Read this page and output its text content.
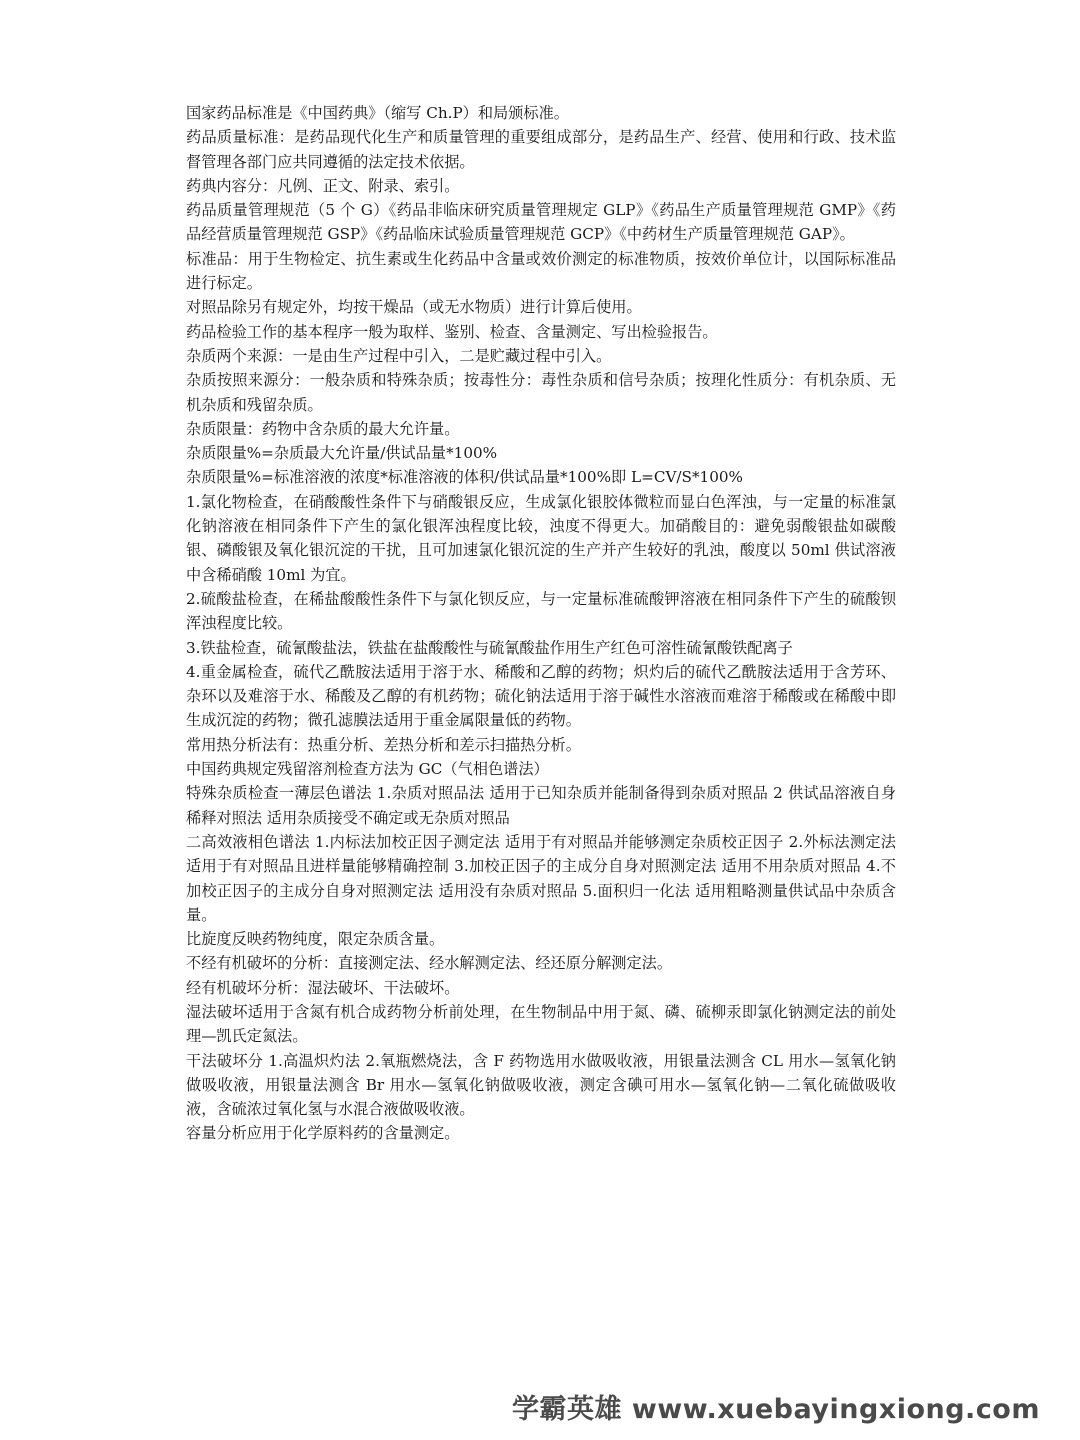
国家药品标准是《中国药典》（缩写 Ch.P）和局颁标准。

药品质量标准：是药品现代化生产和质量管理的重要组成部分，是药品生产、经营、使用和行政、技术监督管理各部门应共同遵循的法定技术依据。

药典内容分：凡例、正文、附录、索引。

药品质量管理规范（5 个 G）《药品非临床研究质量管理规定 GLP》《药品生产质量管理规范 GMP》《药品经营质量管理规范 GSP》《药品临床试验质量管理规范 GCP》《中药材生产质量管理规范 GAP》。

标准品：用于生物检定、抗生素或生化药品中含量或效价测定的标准物质，按效价单位计，以国际标准品进行标定。

对照品除另有规定外，均按干燥品（或无水物质）进行计算后使用。

药品检验工作的基本程序一般为取样、鉴别、检查、含量测定、写出检验报告。

杂质两个来源：一是由生产过程中引入，二是贮藏过程中引入。

杂质按照来源分：一般杂质和特殊杂质；按毒性分：毒性杂质和信号杂质；按理化性质分：有机杂质、无机杂质和残留杂质。

杂质限量：药物中含杂质的最大允许量。

杂质限量%=杂质最大允许量/供试品量*100%

杂质限量%=标准溶液的浓度*标准溶液的体积/供试品量*100%即 L=CV/S*100%

1.氯化物检查，在硝酸酸性条件下与硝酸银反应，生成氯化银胶体微粒而显白色浑浊，与一定量的标准氯化钠溶液在相同条件下产生的氯化银浑浊程度比较，浊度不得更大。加硝酸目的：避免弱酸银盐如碳酸银、磷酸银及氧化银沉淀的干扰，且可加速氯化银沉淀的生产并产生较好的乳浊，酸度以 50ml 供试溶液中含稀硝酸 10ml 为宜。

2.硫酸盐检查，在稀盐酸酸性条件下与氯化钡反应，与一定量标准硫酸钾溶液在相同条件下产生的硫酸钡浑浊程度比较。

3.铁盐检查，硫氰酸盐法，铁盐在盐酸酸性与硫氰酸盐作用生产红色可溶性硫氰酸铁配离子

4.重金属检查，硫代乙酰胺法适用于溶于水、稀酸和乙醇的药物；炽灼后的硫代乙酰胺法适用于含芳环、杂环以及难溶于水、稀酸及乙醇的有机药物；硫化钠法适用于溶于碱性水溶液而难溶于稀酸或在稀酸中即生成沉淀的药物；微孔滤膜法适用于重金属限量低的药物。

常用热分析法有：热重分析、差热分析和差示扫描热分析。

中国药典规定残留溶剂检查方法为 GC（气相色谱法）

特殊杂质检查一薄层色谱法 1.杂质对照品法 适用于已知杂质并能制备得到杂质对照品 2 供试品溶液自身稀释对照法 适用杂质接受不确定或无杂质对照品

二高效液相色谱法 1.内标法加校正因子测定法 适用于有对照品并能够测定杂质校正因子 2.外标法测定法 适用于有对照品且进样量能够精确控制 3.加校正因子的主成分自身对照测定法 适用不用杂质对照品 4.不加校正因子的主成分自身对照测定法 适用没有杂质对照品 5.面积归一化法 适用粗略测量供试品中杂质含量。

比旋度反映药物纯度，限定杂质含量。

不经有机破坏的分析：直接测定法、经水解测定法、经还原分解测定法。

经有机破坏分析：湿法破坏、干法破坏。

湿法破坏适用于含氮有机合成药物分析前处理，在生物制品中用于氮、磷、硫柳汞即氯化钠测定法的前处理—凯氏定氮法。

干法破坏分 1.高温炽灼法 2.氧瓶燃烧法，含 F 药物选用水做吸收液，用银量法测含 CL 用水—氢氧化钠做吸收液，用银量法测含 Br 用水—氢氧化钠做吸收液，测定含碘可用水—氢氧化钠—二氧化硫做吸收液，含硫浓过氧化氢与水混合液做吸收液。

容量分析应用于化学原料药的含量测定。

学霸英雄 www.xuebayingxiong.com
